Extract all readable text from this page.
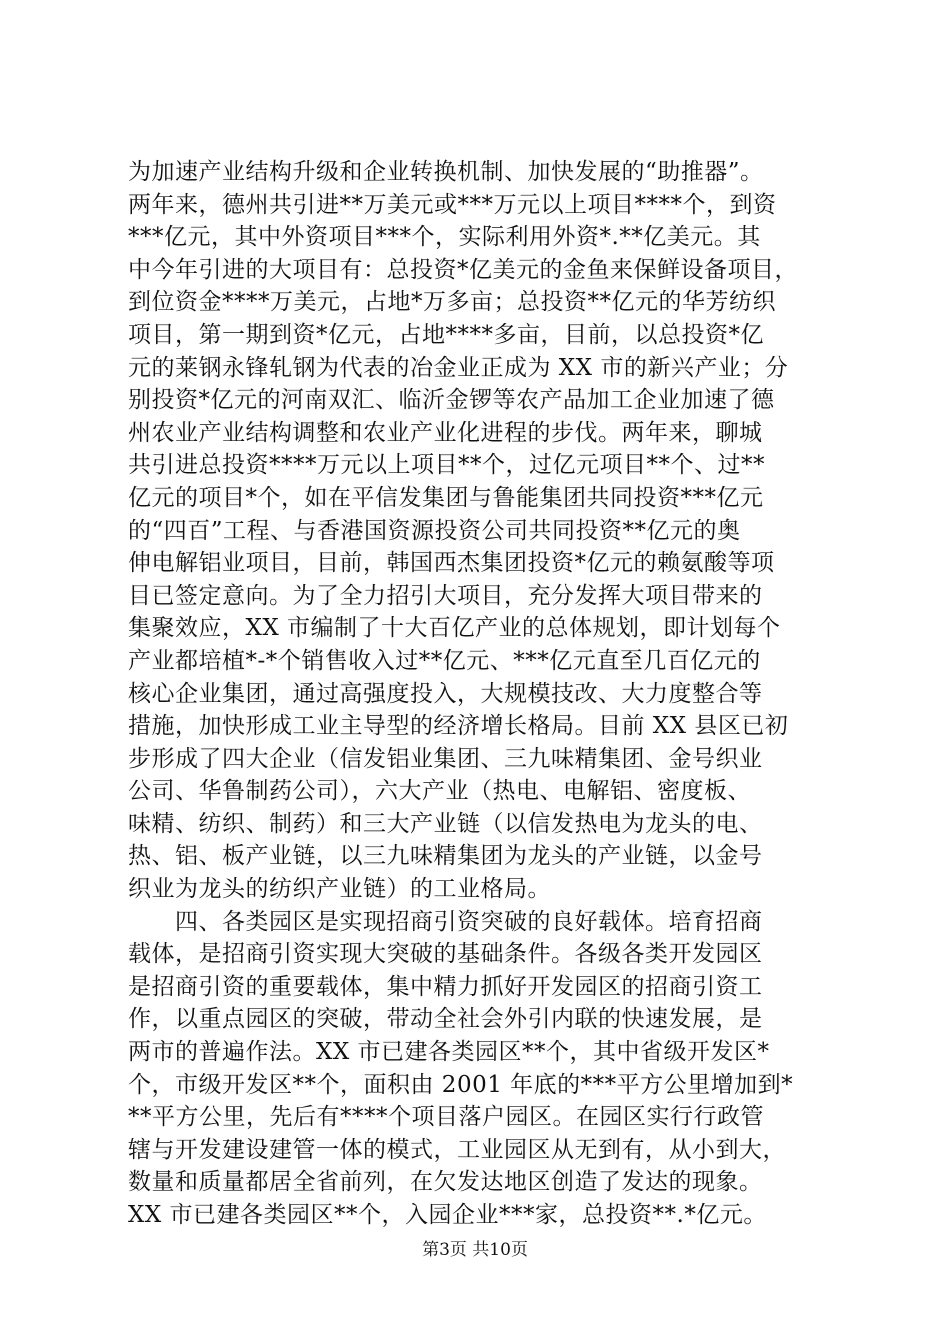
为加速产业结构升级和企业转换机制、加快发展的“助推器”。
两年来，德州共引进**万美元或***万元以上项目****个，到资
***亿元，其中外资项目***个，实际利用外资*.**亿美元。其
中今年引进的大项目有：总投资*亿美元的金鱼来保鲜设备项目，
到位资金****万美元，占地*万多亩；总投资**亿元的华芳纺织
项目，第一期到资*亿元，占地****多亩，目前，以总投资*亿
元的莱钢永锋轧钢为代表的冶金业正成为 XX 市的新兴产业；分
别投资*亿元的河南双汇、临沂金锣等农产品加工企业加速了德
州农业产业结构调整和农业产业化进程的步伐。两年来，聊城
共引进总投资****万元以上项目**个，过亿元项目**个、过**
亿元的项目*个，如在平信发集团与鲁能集团共同投资***亿元
的“四百”工程、与香港国资源投资公司共同投资**亿元的奥
伸电解铝业项目，目前，韩国西杰集团投资*亿元的赖氨酸等项
目已签定意向。为了全力招引大项目，充分发挥大项目带来的
集聚效应，XX 市编制了十大百亿产业的总体规划，即计划每个
产业都培植*-*个销售收入过**亿元、***亿元直至几百亿元的
核心企业集团，通过高强度投入，大规模技改、大力度整合等
措施，加快形成工业主导型的经济增长格局。目前 XX 县区已初
步形成了四大企业（信发铝业集团、三九味精集团、金号织业
公司、华鲁制药公司），六大产业（热电、电解铝、密度板、
味精、纺织、制药）和三大产业链（以信发热电为龙头的电、
热、铝、板产业链，以三九味精集团为龙头的产业链，以金号
织业为龙头的纺织产业链）的工业格局。
　　四、各类园区是实现招商引资突破的良好载体。培育招商
载体，是招商引资实现大突破的基础条件。各级各类开发园区
是招商引资的重要载体，集中精力抓好开发园区的招商引资工
作，以重点园区的突破，带动全社会外引内联的快速发展，是
两市的普遍作法。XX 市已建各类园区**个，其中省级开发区*
个，市级开发区**个，面积由 2001 年底的***平方公里增加到*
**平方公里，先后有****个项目落户园区。在园区实行行政管
辖与开发建设建管一体的模式，工业园区从无到有，从小到大，
数量和质量都居全省前列，在欠发达地区创造了发达的现象。
XX 市已建各类园区**个，入园企业***家，总投资**.*亿元。
第3页 共10页
